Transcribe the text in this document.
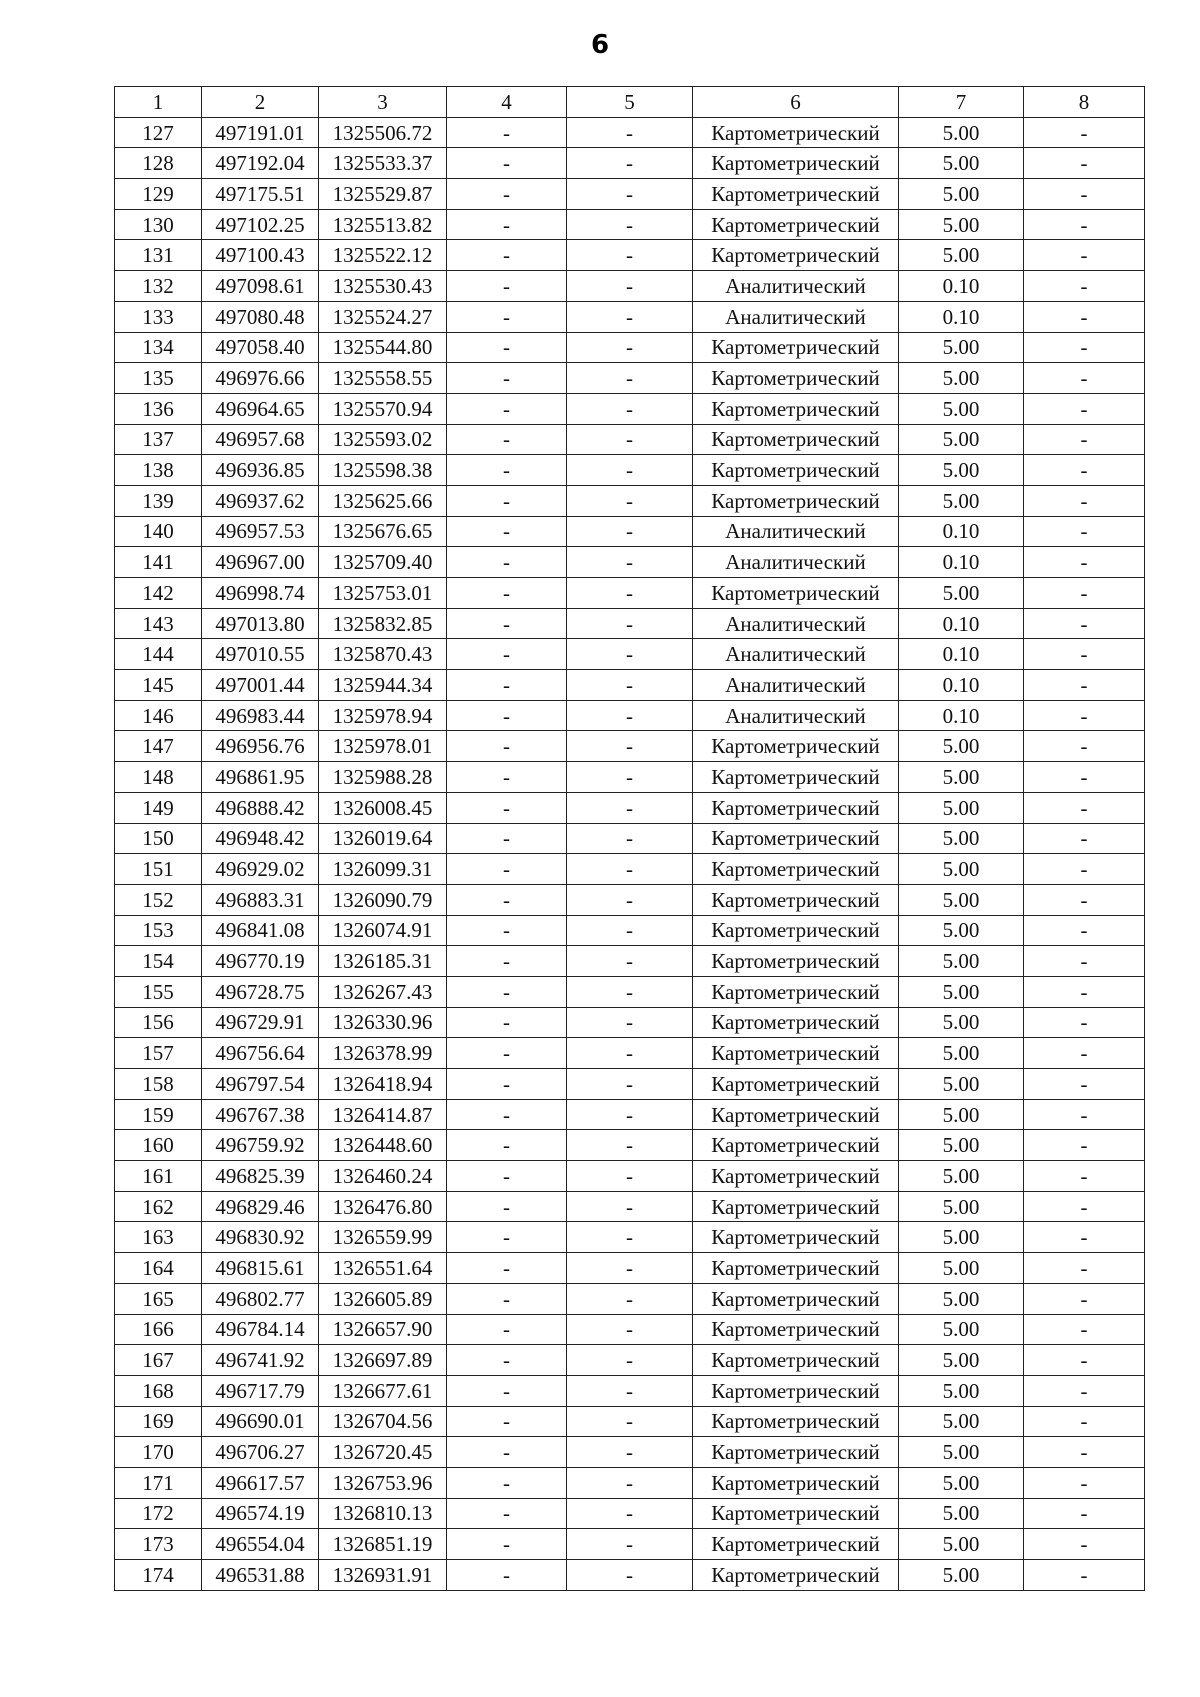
6
1	2	3	4	5	6	7	8
127	497191.01	1325506.72	-	-	Картометрический	5.00	-
128	497192.04	1325533.37	-	-	Картометрический	5.00	-
129	497175.51	1325529.87	-	-	Картометрический	5.00	-
130	497102.25	1325513.82	-	-	Картометрический	5.00	-
131	497100.43	1325522.12	-	-	Картометрический	5.00	-
132	497098.61	1325530.43	-	-	Аналитический	0.10	-
133	497080.48	1325524.27	-	-	Аналитический	0.10	-
134	497058.40	1325544.80	-	-	Картометрический	5.00	-
135	496976.66	1325558.55	-	-	Картометрический	5.00	-
136	496964.65	1325570.94	-	-	Картометрический	5.00	-
137	496957.68	1325593.02	-	-	Картометрический	5.00	-
138	496936.85	1325598.38	-	-	Картометрический	5.00	-
139	496937.62	1325625.66	-	-	Картометрический	5.00	-
140	496957.53	1325676.65	-	-	Аналитический	0.10	-
141	496967.00	1325709.40	-	-	Аналитический	0.10	-
142	496998.74	1325753.01	-	-	Картометрический	5.00	-
143	497013.80	1325832.85	-	-	Аналитический	0.10	-
144	497010.55	1325870.43	-	-	Аналитический	0.10	-
145	497001.44	1325944.34	-	-	Аналитический	0.10	-
146	496983.44	1325978.94	-	-	Аналитический	0.10	-
147	496956.76	1325978.01	-	-	Картометрический	5.00	-
148	496861.95	1325988.28	-	-	Картометрический	5.00	-
149	496888.42	1326008.45	-	-	Картометрический	5.00	-
150	496948.42	1326019.64	-	-	Картометрический	5.00	-
151	496929.02	1326099.31	-	-	Картометрический	5.00	-
152	496883.31	1326090.79	-	-	Картометрический	5.00	-
153	496841.08	1326074.91	-	-	Картометрический	5.00	-
154	496770.19	1326185.31	-	-	Картометрический	5.00	-
155	496728.75	1326267.43	-	-	Картометрический	5.00	-
156	496729.91	1326330.96	-	-	Картометрический	5.00	-
157	496756.64	1326378.99	-	-	Картометрический	5.00	-
158	496797.54	1326418.94	-	-	Картометрический	5.00	-
159	496767.38	1326414.87	-	-	Картометрический	5.00	-
160	496759.92	1326448.60	-	-	Картометрический	5.00	-
161	496825.39	1326460.24	-	-	Картометрический	5.00	-
162	496829.46	1326476.80	-	-	Картометрический	5.00	-
163	496830.92	1326559.99	-	-	Картометрический	5.00	-
164	496815.61	1326551.64	-	-	Картометрический	5.00	-
165	496802.77	1326605.89	-	-	Картометрический	5.00	-
166	496784.14	1326657.90	-	-	Картометрический	5.00	-
167	496741.92	1326697.89	-	-	Картометрический	5.00	-
168	496717.79	1326677.61	-	-	Картометрический	5.00	-
169	496690.01	1326704.56	-	-	Картометрический	5.00	-
170	496706.27	1326720.45	-	-	Картометрический	5.00	-
171	496617.57	1326753.96	-	-	Картометрический	5.00	-
172	496574.19	1326810.13	-	-	Картометрический	5.00	-
173	496554.04	1326851.19	-	-	Картометрический	5.00	-
174	496531.88	1326931.91	-	-	Картометрический	5.00	-
